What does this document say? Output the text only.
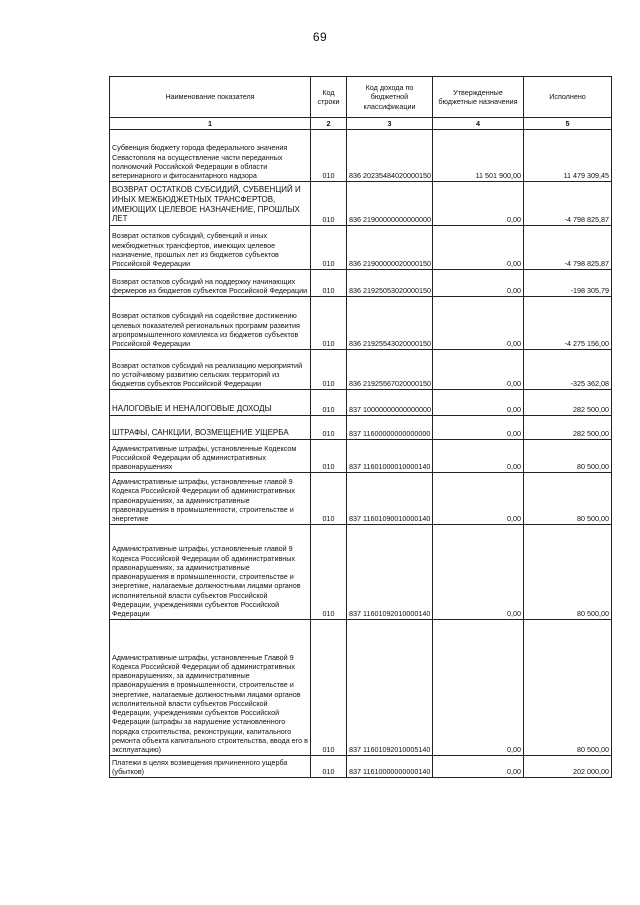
69
Наименование показателя	Код строки	Код дохода по бюджетной классификации	Утвержденные бюджетные назначения	Исполнено
1	2	3	4	5
Субвенция бюджету города федерального значения Севастополя на осуществление части переданных полномочий Российской Федерации в области ветеринарного и фитосанитарного надзора	010	836 20235484020000150	11 501 900,00	11 479 309,45
ВОЗВРАТ ОСТАТКОВ СУБСИДИЙ, СУБВЕНЦИЙ И ИНЫХ МЕЖБЮДЖЕТНЫХ ТРАНСФЕРТОВ, ИМЕЮЩИХ ЦЕЛЕВОЕ НАЗНАЧЕНИЕ, ПРОШЛЫХ ЛЕТ	010	836 21900000000000000	0,00	-4 798 825,87
Возврат остатков субсидий, субвенций и иных межбюджетных трансфертов, имеющих целевое назначение, прошлых лет из бюджетов субъектов Российской Федерации	010	836 21900000020000150	0,00	-4 798 825,87
Возврат остатков субсидий на поддержку начинающих фермеров из бюджетов субъектов Российской Федерации	010	836 21925053020000150	0,00	-198 305,79
Возврат остатков субсидий на содействие достижению целевых показателей региональных программ развития агропромышленного комплекса из бюджетов субъектов Российской Федерации	010	836 21925543020000150	0,00	-4 275 156,00
Возврат остатков субсидий на реализацию мероприятий по устойчивому развитию сельских территорий из бюджетов субъектов Российской Федерации	010	836 21925567020000150	0,00	-325 362,08
НАЛОГОВЫЕ И НЕНАЛОГОВЫЕ ДОХОДЫ	010	837 10000000000000000	0,00	282 500,00
ШТРАФЫ, САНКЦИИ, ВОЗМЕЩЕНИЕ УЩЕРБА	010	837 11600000000000000	0,00	282 500,00
Административные штрафы, установленные Кодексом Российской Федерации об административных правонарушениях	010	837 11601000010000140	0,00	80 500,00
Административные штрафы, установленные главой 9 Кодекса Российской Федерации об административных правонарушениях, за административные правонарушения в промышленности, строительстве и энергетике	010	837 11601090010000140	0,00	80 500,00
Административные штрафы, установленные главой 9 Кодекса Российской Федерации об административных правонарушениях, за административные правонарушения в промышленности, строительстве и энергетике, налагаемые должностными лицами органов исполнительной власти субъектов Российской Федерации, учреждениями субъектов Российской Федерации	010	837 11601092010000140	0,00	80 500,00
Административные штрафы, установленные Главой 9 Кодекса Российской Федерации об административных правонарушениях, за административные правонарушения в промышленности, строительстве и энергетике, налагаемые должностными лицами органов исполнительной власти субъектов Российской Федерации, учреждениями субъектов Российской Федерации (штрафы за нарушение установленного порядка строительства, реконструкции, капитального ремонта объекта капитального строительства, ввода его в эксплуатацию)	010	837 11601092010005140	0,00	80 500,00
Платежи в целях возмещения причиненного ущерба (убытков)	010	837 11610000000000140	0,00	202 000,00
